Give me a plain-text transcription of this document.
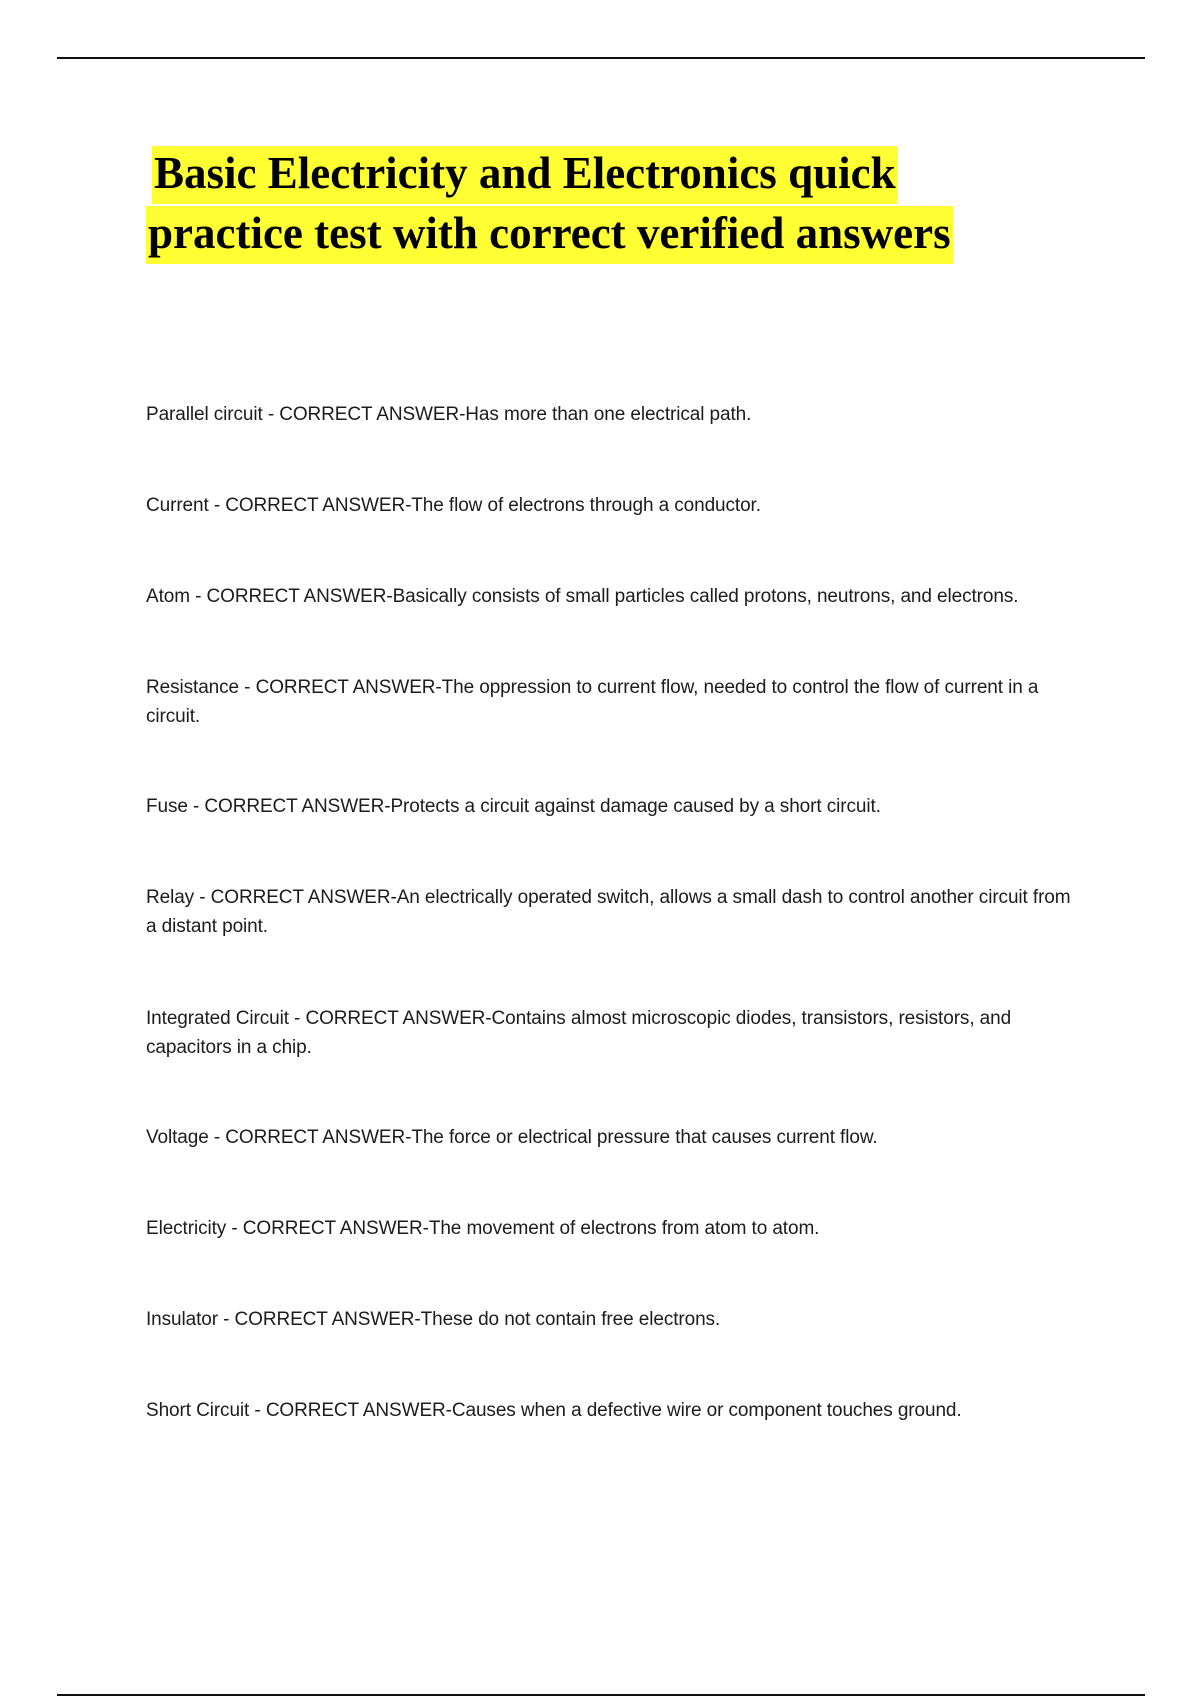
Basic Electricity and Electronics quick
practice test with correct verified answers
Parallel circuit - CORRECT ANSWER-Has more than one electrical path.
Current - CORRECT ANSWER-The flow of electrons through a conductor.
Atom - CORRECT ANSWER-Basically consists of small particles called protons, neutrons, and electrons.
Resistance - CORRECT ANSWER-The oppression to current flow, needed to control the flow of current in a circuit.
Fuse - CORRECT ANSWER-Protects a circuit against damage caused by a short circuit.
Relay - CORRECT ANSWER-An electrically operated switch, allows a small dash to control another circuit from a distant point.
Integrated Circuit - CORRECT ANSWER-Contains almost microscopic diodes, transistors, resistors, and capacitors in a chip.
Voltage - CORRECT ANSWER-The force or electrical pressure that causes current flow.
Electricity - CORRECT ANSWER-The movement of electrons from atom to atom.
Insulator - CORRECT ANSWER-These do not contain free electrons.
Short Circuit - CORRECT ANSWER-Causes when a defective wire or component touches ground.
